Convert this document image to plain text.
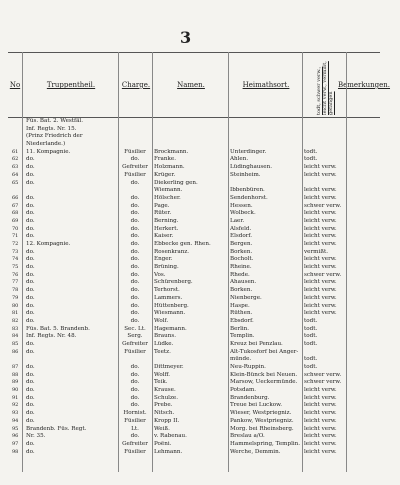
3
No	Truppentheil.	Charge.	Namen.	Heimathsort.	todt, schwer verw., leicht verw., vermißt, gefangen
Bemerkungen.
Füs. Bat. 2. Westfäl.
Inf. Regts. Nr. 15.
(Prinz Friedrich der
Niederlande.)
61	11. Kompagnie.	Füsilier	Brockmann.	Unterdinger.	todt.
62	do.	do.	Franke.	Ahlen.	todt.
63	do.	Gefreiter	Holzmann.	Lüdinghausen.	leicht verw.
64	do.	Füsilier	Krüger.	Steinheim.	leicht verw.
65	do.	do.	Diekerling gen.
Wiemann.	Ibbenbüren.	leicht verw.
66	do.	do.	Hölscher.	Sendenhorst.	leicht verw.
67	do.	do.	Page.	Hessen.	schwer verw.
68	do.	do.	Rüter.	Wolbeck.	leicht verw.
69	do.	do.	Berning.	Laer.	leicht verw.
70	do.	do.	Herkert.	Alsfeld.	leicht verw.
71	do.	do.	Kaiser.	Elsdorf.	leicht verw.
72	12. Kompagnie.	do.	Ebbecke gen. Rhen.	Bergen.	leicht verw.
73	do.	do.	Rosenkranz.	Borken.	vermißt.
74	do.	do.	Enger.	Bocholt.	leicht verw.
75	do.	do.	Brüning.	Rheine.	leicht verw.
76	do.	do.	Vos.	Rhede.	schwer verw.
77	do.	do.	Schürenberg.	Ahausen.	leicht verw.
78	do.	do.	Terhorst.	Borken.	leicht verw.
79	do.	do.	Lammers.	Nienberge.	leicht verw.
80	do.	do.	Hüttenberg.	Haspe.	leicht verw.
81	do.	do.	Wiesmann.	Rüthen.	leicht verw.
82	do.	do.	Wolf.	Ebsdorf.	todt.
83	Füs. Bat. 5. Brandenb.	Sec. Lt.	Hagemann.	Berlin.	todt.
84	Inf. Regts. Nr. 48.	Serg.	Brauns.	Templin.	todt.
85	do.	Gefreiter	Lüdke.	Kreuz bei Penzlau.	todt.
86	do.	Füsilier	Teetz.	Alt-Tukosforf bei Anger-
münde.	todt.
87	do.	do.	Dittmeyer.	Neu-Ruppin.	todt.
88	do.	do.	Wolff.	Klein-Bünck bei Neuen.	schwer verw.
89	do.	do.	Teik.	Marsow, Ueckermünde.	schwer verw.
90	do.	do.	Krause.	Potsdam.	leicht verw.
91	do.	do.	Schulze.	Brandenburg.	leicht verw.
92	do.	do.	Prebe.	Treue bei Luckow.	leicht verw.
93	do.	Hornist.	Nitsch.	Wieser, Westpriegniz.	leicht verw.
94	do.	Füsilier	Kropp II.	Pankow, Westpriegniz.	leicht verw.
95	Brandenb. Füs. Regt.	Lt.	Weiß.	Morg. bei Rheinsberg.	leicht verw.
96	Nr. 35.	do.	v. Rabenau.	Breslau a/O.	leicht verw.
97	do.	Gefreiter	Poëni.	Hammelspring, Templin. leicht verw.
98	do.	Füsilier	Lehmann.	Werche, Demmin.	leicht verw.
